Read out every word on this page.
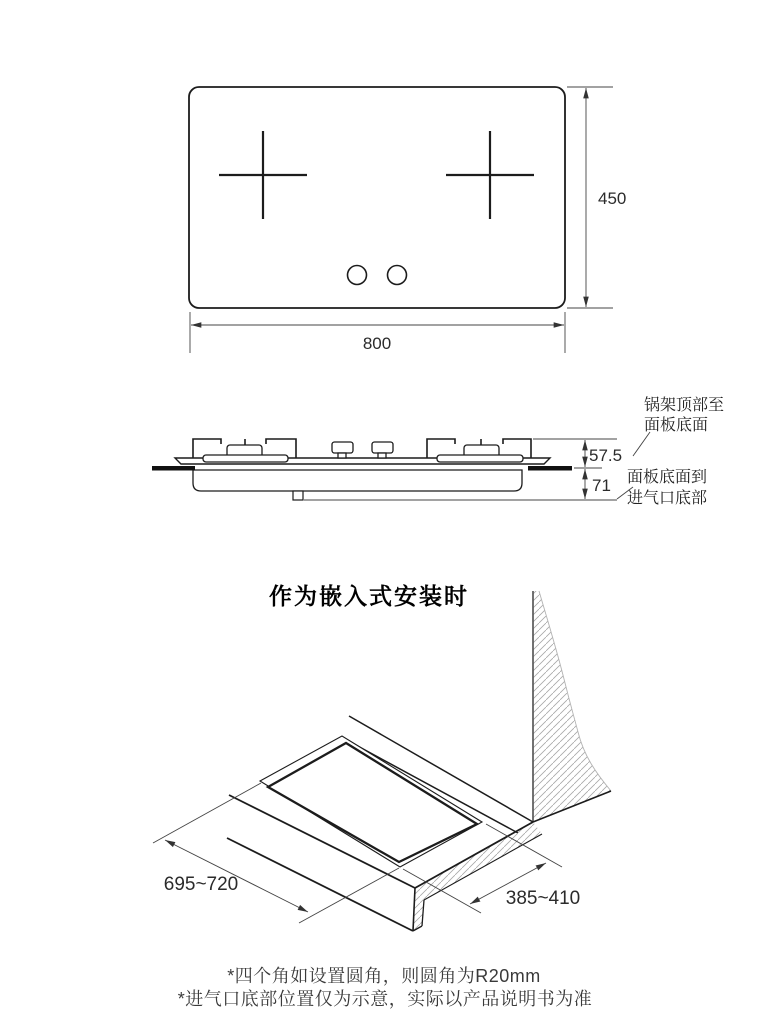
450
800
57.5
71
锅架顶部至
面板底面
面板底面到
进气口底部
作为嵌入式安装时
695~720
385~410
*四个角如设置圆角，则圆角为R20mm
*进气口底部位置仅为示意，实际以产品说明书为准
